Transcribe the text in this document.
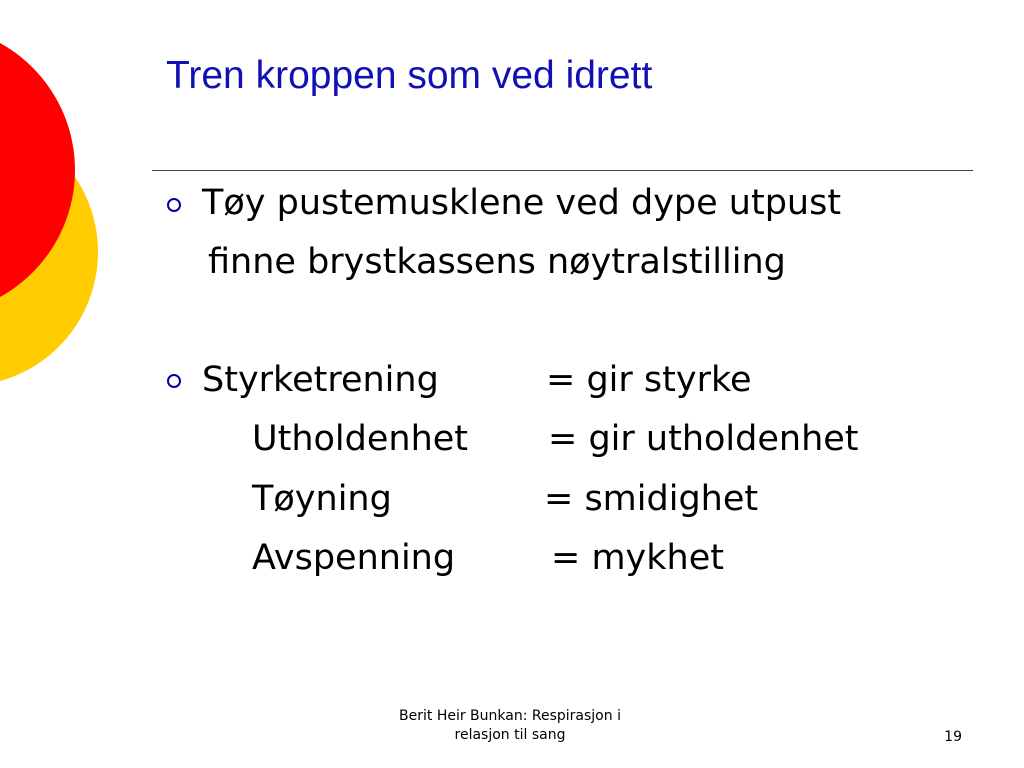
Tren kroppen som ved idrett
Tøy pustemusklene ved dype utpust
finne brystkassens nøytralstilling
Styrketrening	= gir styrke
Utholdenhet = gir utholdenhet
Tøyning	= smidighet
Avspenning	= mykhet
Berit Heir Bunkan: Respirasjon i
relasjon til sang	19
